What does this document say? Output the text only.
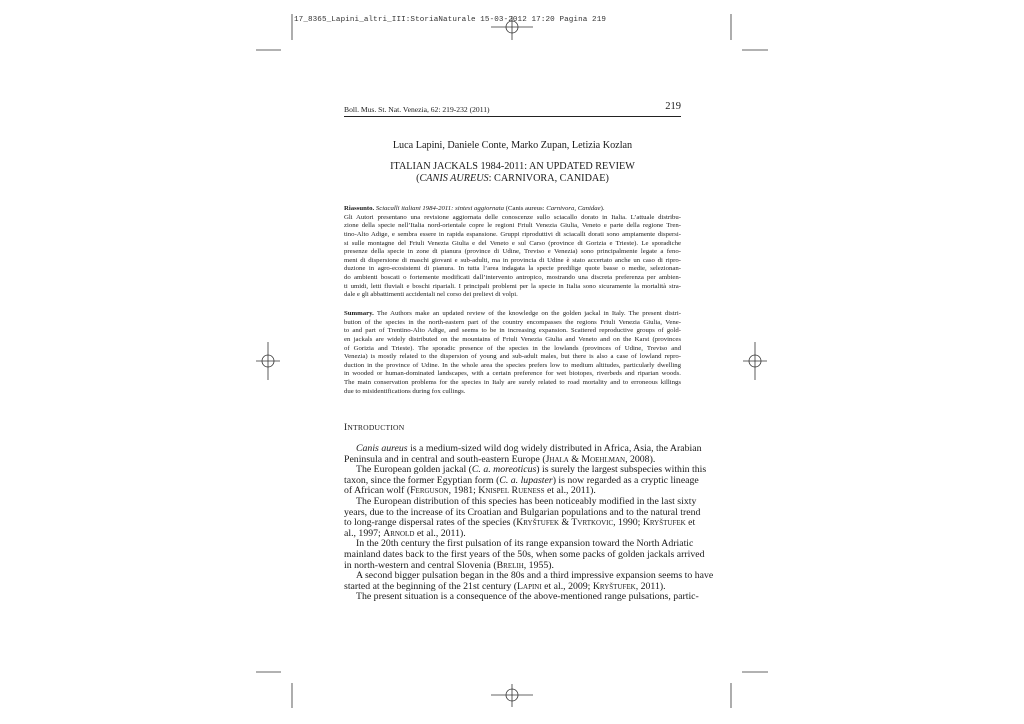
17_8365_Lapini_altri_III:StoriaNaturale 15-03-2012 17:20 Pagina 219
Boll. Mus. St. Nat. Venezia, 62: 219-232 (2011)	219
Luca Lapini, Daniele Conte, Marko Zupan, Letizia Kozlan
ITALIAN JACKALS 1984-2011: AN UPDATED REVIEW
(CANIS AUREUS: CARNIVORA, CANIDAE)
Riassunto. Sciacalli italiani 1984-2011: sintesi aggiornata (Canis aureus: Carnivora, Canidae).
Gli Autori presentano una revisione aggiornata delle conoscenze sullo sciacallo dorato in Italia. L’attuale distribu-
zione della specie nell’Italia nord-orientale copre le regioni Friuli Venezia Giulia, Veneto e parte della regione Tren-
tino-Alto Adige, e sembra essere in rapida espansione. Gruppi riproduttivi di sciacalli dorati sono ampiamente dispersi-
si sulle montagne del Friuli Venezia Giulia e del Veneto e sul Carso (province di Gorizia e Trieste). Le sporadiche
presenze della specie in zone di pianura (province di Udine, Treviso e Venezia) sono principalmente legate a feno-
meni di dispersione di maschi giovani e sub-adulti, ma in provincia di Udine è stato accertato anche un caso di ripro-
duzione in agro-ecosistemi di pianura. In tutta l’area indagata la specie predilige quote basse o medie, selezionan-
do ambienti boscati o fortemente modificati dall’intervento antropico, mostrando una discreta preferenza per ambien-
ti umidi, letti fluviali e boschi ripariali. I principali problemi per la specie in Italia sono sicuramente la mortalità stra-
dale e gli abbattimenti accidentali nel corso dei prelievi di volpi.
Summary. The Authors make an updated review of the knowledge on the golden jackal in Italy. The present distri-
bution of the species in the north-eastern part of the country encompasses the regions Friuli Venezia Giulia, Vene-
to and part of Trentino-Alto Adige, and seems to be in increasing expansion. Scattered reproductive groups of gold-
en jackals are widely distributed on the mountains of Friuli Venezia Giulia and Veneto and on the Karst (provinces
of Gorizia and Trieste). The sporadic presence of the species in the lowlands (provinces of Udine, Treviso and
Venezia) is mostly related to the dispersion of young and sub-adult males, but there is also a case of lowland repro-
duction in the province of Udine. In the whole area the species prefers low to medium altitudes, particularly dwelling
in wooded or human-dominated landscapes, with a certain preference for wet biotopes, riverbeds and riparian woods.
The main conservation problems for the species in Italy are surely related to road mortality and to erroneous killings
due to misidentifications during fox cullings.
INTRODUCTION
Canis aureus is a medium-sized wild dog widely distributed in Africa, Asia, the Arabian
Peninsula and in central and south-eastern Europe (Jhala & Moehlman, 2008).
The European golden jackal (C. a. moreoticus) is surely the largest subspecies within this
taxon, since the former Egyptian form (C. a. lupaster) is now regarded as a cryptic lineage
of African wolf (Ferguson, 1981; Knispel Rueness et al., 2011).
The European distribution of this species has been noticeably modified in the last sixty
years, due to the increase of its Croatian and Bulgarian populations and to the natural trend
to long-range dispersal rates of the species (Kryštufek & Tvrtkovic, 1990; Kryštufek et
al., 1997; Arnold et al., 2011).
In the 20th century the first pulsation of its range expansion toward the North Adriatic
mainland dates back to the first years of the 50s, when some packs of golden jackals arrived
in north-western and central Slovenia (Brelih, 1955).
A second bigger pulsation began in the 80s and a third impressive expansion seems to have
started at the beginning of the 21st century (Lapini et al., 2009; Kryštufek, 2011).
The present situation is a consequence of the above-mentioned range pulsations, partic-
